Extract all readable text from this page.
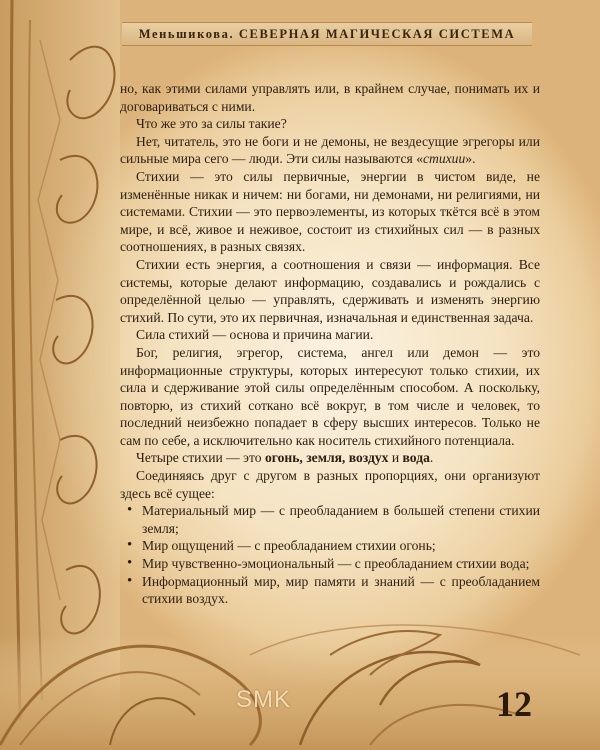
Меньшикова. СЕВЕРНАЯ МАГИЧЕСКАЯ СИСТЕМА

но, как этими силами управлять или, в крайнем случае, понимать их и договариваться с ними.

Что же это за силы такие?

Нет, читатель, это не боги и не демоны, не вездесущие эгрегоры или сильные мира сего — люди. Эти силы называются «стихии».

Стихии — это силы первичные, энергии в чистом виде, не изменённые никак и ничем: ни богами, ни демонами, ни религиями, ни системами. Стихии — это первоэлементы, из которых ткётся всё в этом мире, и всё, живое и неживое, состоит из стихийных сил — в разных соотношениях, в разных связях.

Стихии есть энергия, а соотношения и связи — информация. Все системы, которые делают информацию, создавались и рождались с определённой целью — управлять, сдерживать и изменять энергию стихий. По сути, это их первичная, изначальная и единственная задача.

Сила стихий — основа и причина магии.

Бог, религия, эгрегор, система, ангел или демон — это информационные структуры, которых интересуют только стихии, их сила и сдерживание этой силы определённым способом. А поскольку, повторю, из стихий соткано всё вокруг, в том числе и человек, то последний неизбежно попадает в сферу высших интересов. Только не сам по себе, а исключительно как носитель стихийного потенциала.

Четыре стихии — это огонь, земля, воздух и вода.

Соединяясь друг с другом в разных пропорциях, они организуют здесь всё сущее:

• Материальный мир — с преобладанием в большей степени стихии земля;
• Мир ощущений — с преобладанием стихии огонь;
• Мир чувственно-эмоциональный — с преобладанием стихии вода;
• Информационный мир, мир памяти и знаний — с преобладанием стихии воздух.
SMK	12
